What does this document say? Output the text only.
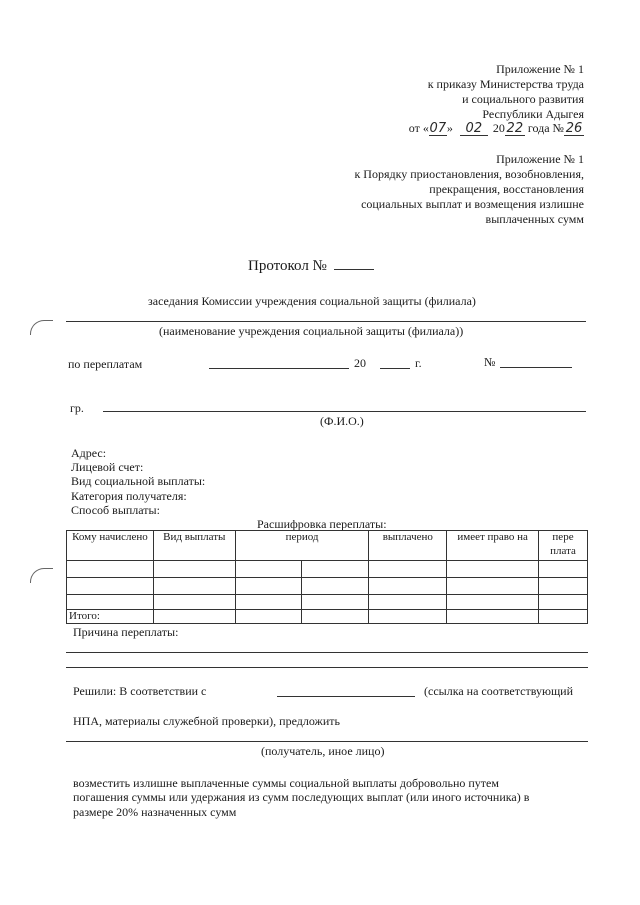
Приложение № 1
к приказу Министерства труда
и социального развития
Республики Адыгея
от «07» 02 20 22 года № 26
Приложение № 1
к Порядку приостановления, возобновления,
прекращения, восстановления
социальных выплат и возмещения излишне
выплаченных сумм
Протокол №
заседания Комиссии учреждения социальной защиты (филиала)
(наименование учреждения социальной защиты (филиала))
по переплатам	20	г.	№
гр.
(Ф.И.О.)
Адрес:
Лицевой счет:
Вид социальной выплаты:
Категория получателя:
Способ выплаты:
Расшифровка переплаты:
Кому начислено	Вид выплаты	период		выплачено	имеет право на	пере плата

Итого:						
Причина переплаты:
Решили: В соответствии с	(ссылка на соответствующий
НПА, материалы служебной проверки), предложить
(получатель, иное лицо)
возместить излишне выплаченные суммы социальной выплаты добровольно путем
погашения суммы или удержания из сумм последующих выплат (или иного источника) в
размере 20% назначенных сумм
